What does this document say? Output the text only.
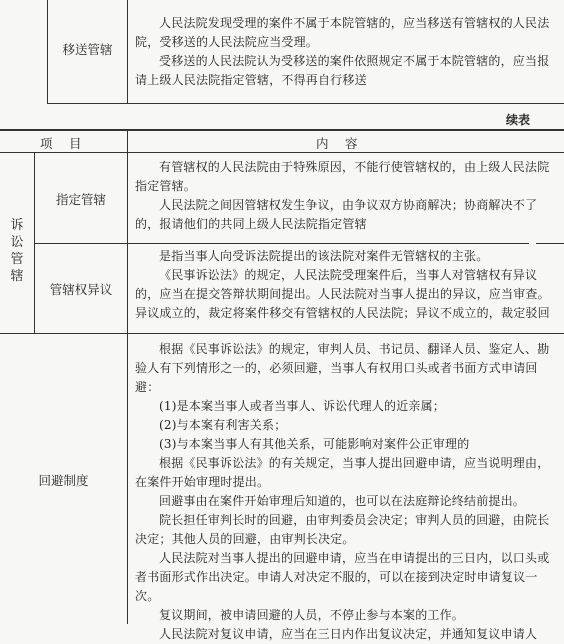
移送管辖

人民法院发现受理的案件不属于本院管辖的，应当移送有管辖权的人民法院，受移送的人民法院应当受理。

受移送的人民法院认为受移送的案件依照规定不属于本院管辖的，应当报请上级人民法院指定管辖，不得再自行移送

续表
项　目	内　容
诉讼管辖
指定管辖

有管辖权的人民法院由于特殊原因，不能行使管辖权的，由上级人民法院指定管辖。

人民法院之间因管辖权发生争议，由争议双方协商解决；协商解决不了的，报请他们的共同上级人民法院指定管辖

管辖权异议

是指当事人向受诉法院提出的该法院对案件无管辖权的主张。

《民事诉讼法》的规定，人民法院受理案件后，当事人对管辖权有异议的，应当在提交答辩状期间提出。人民法院对当事人提出的异议，应当审查。异议成立的，裁定将案件移交有管辖权的人民法院；异议不成立的，裁定驳回

回避制度

根据《民事诉讼法》的规定，审判人员、书记员、翻译人员、鉴定人、勘验人有下列情形之一的，必须回避，当事人有权用口头或者书面方式申请回避：

(1)是本案当事人或者当事人、诉讼代理人的近亲属；

(2)与本案有利害关系；

(3)与本案当事人有其他关系，可能影响对案件公正审理的

根据《民事诉讼法》的有关规定，当事人提出回避申请，应当说明理由，在案件开始审理时提出。

回避事由在案件开始审理后知道的，也可以在法庭辩论终结前提出。

院长担任审判长时的回避，由审判委员会决定；审判人员的回避，由院长决定；其他人员的回避，由审判长决定。

人民法院对当事人提出的回避申请，应当在申请提出的三日内，以口头或者书面形式作出决定。申请人对决定不服的，可以在接到决定时申请复议一次。

复议期间，被申请回避的人员，不停止参与本案的工作。

人民法院对复议申请，应当在三日内作出复议决定，并通知复议申请人
